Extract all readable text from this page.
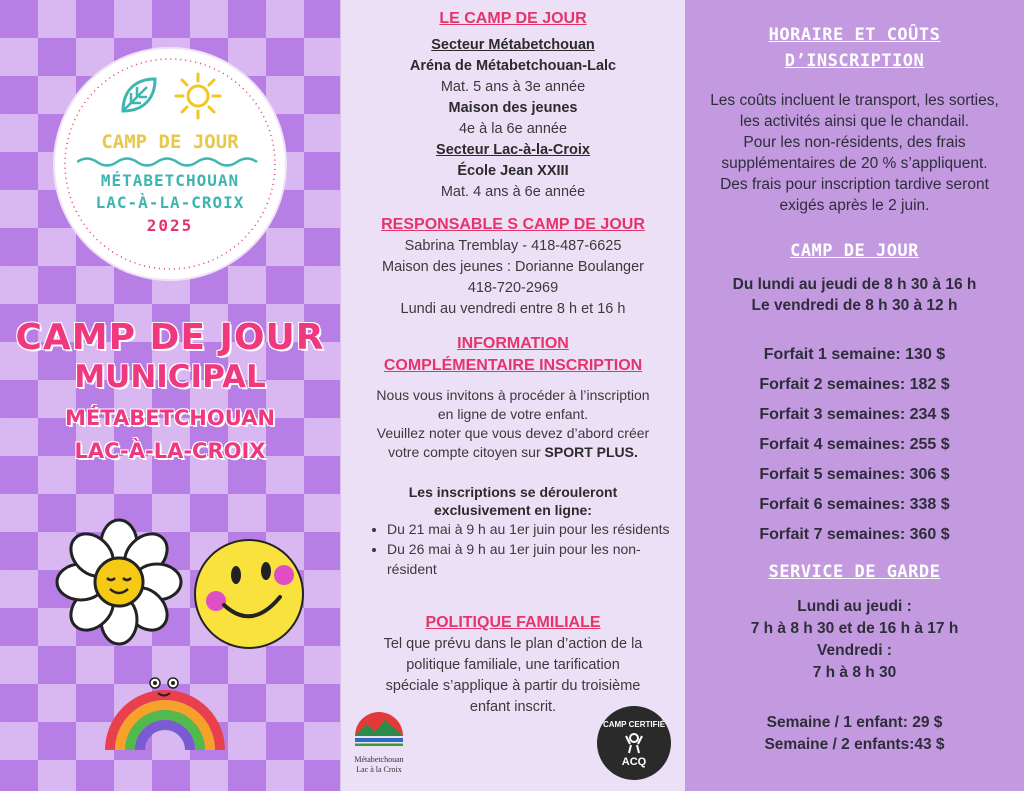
CAMP DE JOUR
MÉTABETCHOUAN
LAC-À-LA-CROIX
2025
CAMP DE JOUR
MUNICIPAL
MÉTABETCHOUAN
LAC-À-LA-CROIX
LE CAMP DE JOUR
Secteur Métabetchouan
Aréna de Métabetchouan-Lalc
Mat. 5 ans à 3e année
Maison des jeunes
4e à la 6e année
Secteur Lac-à-la-Croix
École Jean XXIII
Mat. 4 ans à 6e année
RESPONSABLE S CAMP DE JOUR
Sabrina Tremblay - 418-487-6625
Maison des jeunes : Dorianne Boulanger
418-720-2969
Lundi au vendredi entre 8 h et 16 h
INFORMATION
COMPLÉMENTAIRE INSCRIPTION
Nous vous invitons à procéder à l’inscription
en ligne de votre enfant.
Veuillez noter que vous devez d’abord créer
votre compte citoyen sur SPORT PLUS.
Les inscriptions se dérouleront
exclusivement en ligne:
• Du 21 mai à 9 h au 1er juin pour les résidents
• Du 26 mai à 9 h au 1er juin pour les non-résident
POLITIQUE FAMILIALE
Tel que prévu dans le plan d’action de la
politique familiale, une tarification
spéciale s’applique à partir du troisième
enfant inscrit.
Métabetchouan
Lac à la Croix
CAMP CERTIFIÉ
ACQ
HORAIRE ET COÛTS
D’INSCRIPTION
Les coûts incluent le transport, les sorties,
les activités ainsi que le chandail.
Pour les non-résidents, des frais
supplémentaires de 20 % s’appliquent.
Des frais pour inscription tardive seront
exigés après le 2 juin.
CAMP DE JOUR
Du lundi au jeudi de 8 h 30 à 16 h
Le vendredi de 8 h 30 à 12 h
Forfait 1 semaine: 130 $
Forfait 2 semaines: 182 $
Forfait 3 semaines: 234 $
Forfait 4 semaines: 255 $
Forfait 5 semaines: 306 $
Forfait 6 semaines: 338 $
Forfait 7 semaines: 360 $
SERVICE DE GARDE
Lundi au jeudi :
7 h à 8 h 30 et de 16 h à 17 h
Vendredi :
7 h à 8 h 30
Semaine / 1 enfant: 29 $
Semaine / 2 enfants:43 $
